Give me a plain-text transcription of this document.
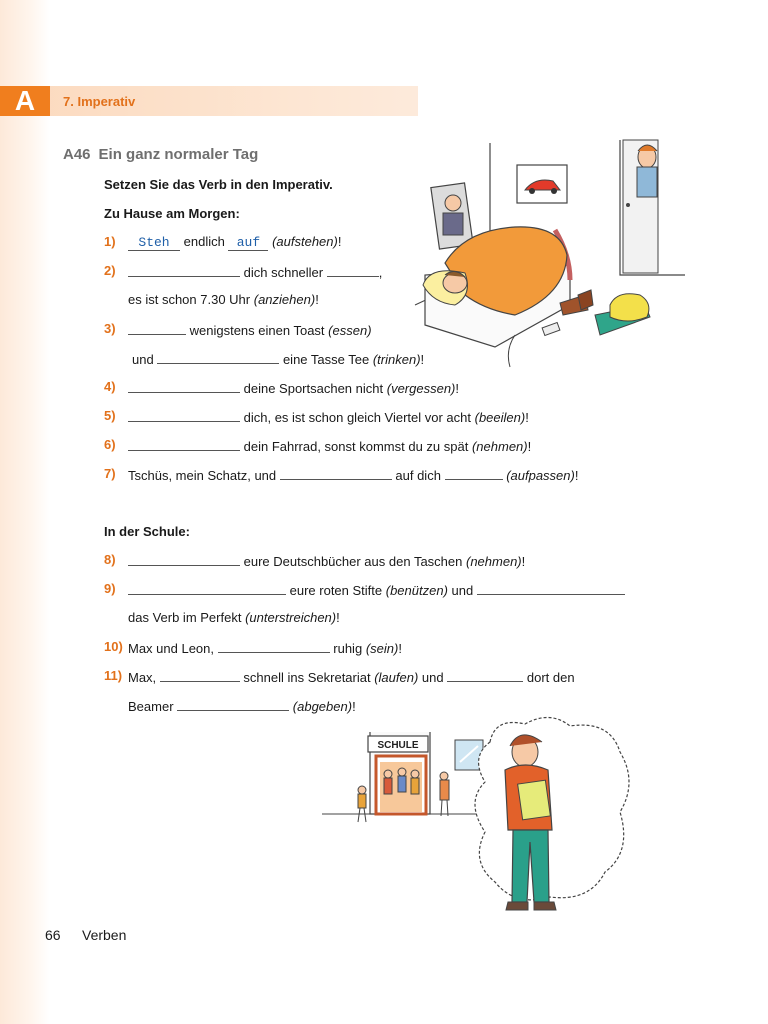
A	7. Imperativ
A46 Ein ganz normaler Tag
Setzen Sie das Verb in den Imperativ.
Zu Hause am Morgen:
1)	Steh endlich auf (aufstehen)!
2)	dich schneller	,
es ist schon 7.30 Uhr (anziehen)!
3)	wenigstens einen Toast (essen)
und	eine Tasse Tee (trinken)!
4)	deine Sportsachen nicht (vergessen)!
5)	dich, es ist schon gleich Viertel vor acht (beeilen)!
6)	dein Fahrrad, sonst kommst du zu spät (nehmen)!
7) Tschüs, mein Schatz, und	auf dich	(aufpassen)!
In der Schule:
8)	eure Deutschbücher aus den Taschen (nehmen)!
9)	eure roten Stifte (benützen) und
das Verb im Perfekt (unterstreichen)!
10) Max und Leon,	ruhig (sein)!
11) Max,	schnell ins Sekretariat (laufen) und	dort den
Beamer	(abgeben)!
SCHULE
66 Verben
